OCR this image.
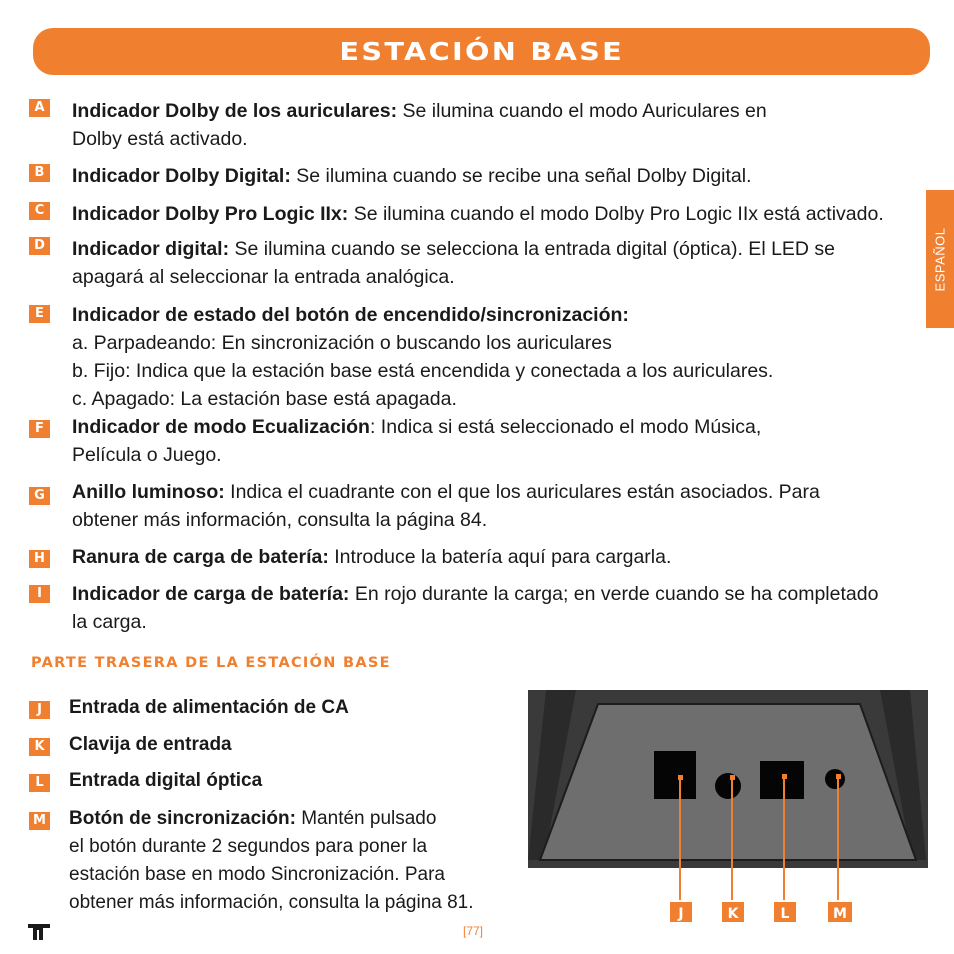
ESTACIÓN BASE
ESPAÑOL
A Indicador Dolby de los auriculares: Se ilumina cuando el modo Auriculares en
Dolby está activado.
B Indicador Dolby Digital: Se ilumina cuando se recibe una señal Dolby Digital.
C Indicador Dolby Pro Logic IIx: Se ilumina cuando el modo Dolby Pro Logic IIx está activado.
D Indicador digital: Se ilumina cuando se selecciona la entrada digital (óptica). El LED se
apagará al seleccionar la entrada analógica.
E	Indicador de estado del botón de encendido/sincronización:
a. Parpadeando: En sincronización o buscando los auriculares
b. Fijo: Indica que la estación base está encendida y conectada a los auriculares.
c. Apagado: La estación base está apagada.
F	Indicador de modo Ecualización: Indica si está seleccionado el modo Música,
Película o Juego.
G Anillo luminoso: Indica el cuadrante con el que los auriculares están asociados. Para
obtener más información, consulta la página 84.
H Ranura de carga de batería: Introduce la batería aquí para cargarla.
I	Indicador de carga de batería: En rojo durante la carga; en verde cuando se ha completado
la carga.
PARTE TRASERA DE LA ESTACIÓN BASE
J	Entrada de alimentación de CA
K Clavija de entrada
L	Entrada digital óptica
M Botón de sincronización: Mantén pulsado
el botón durante 2 segundos para poner la
estación base en modo Sincronización. Para
obtener más información, consulta la página 81.
J	K	L	M
[77]
